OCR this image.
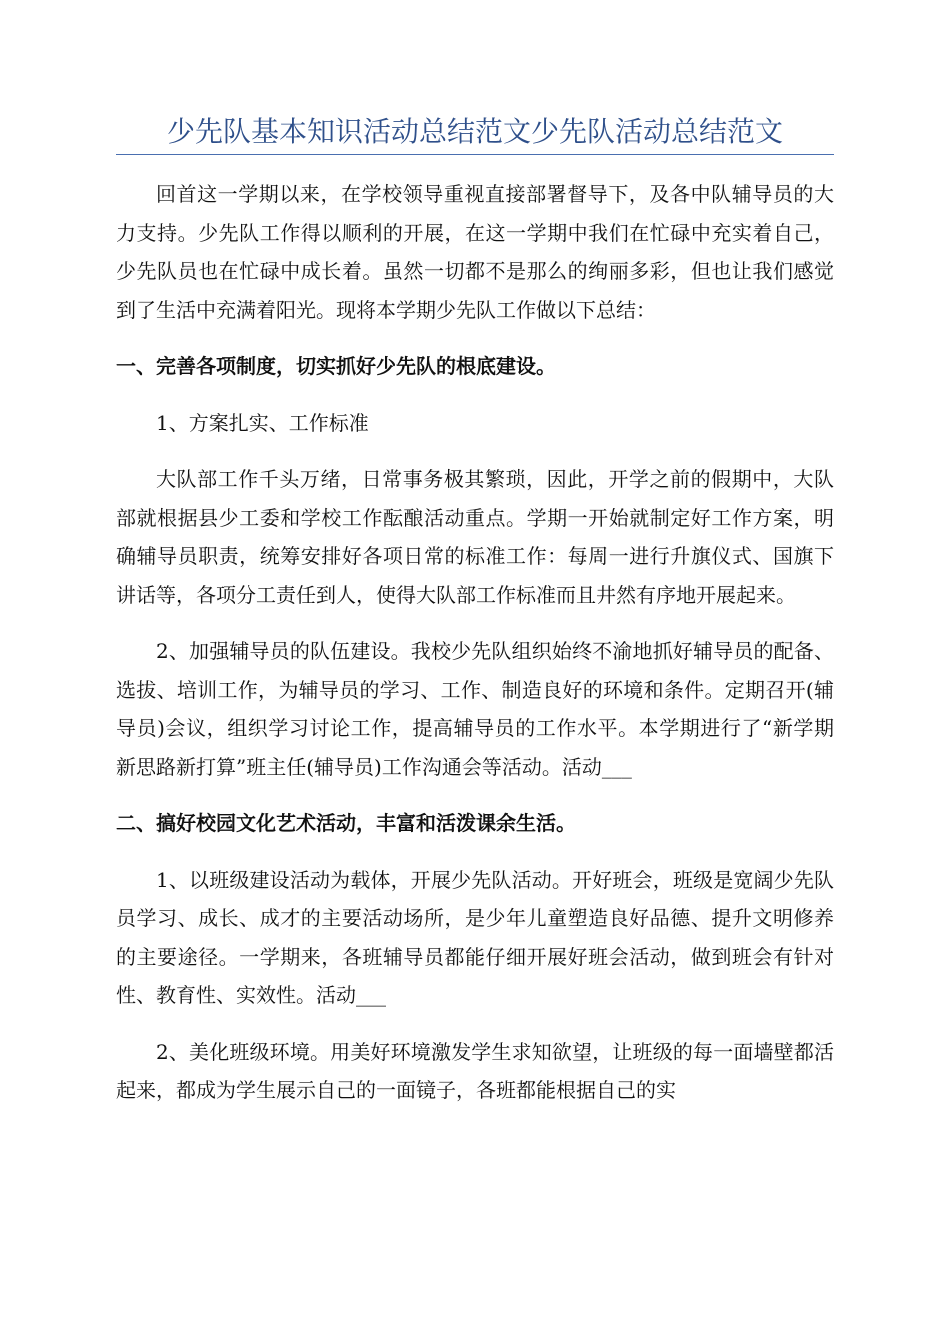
少先队基本知识活动总结范文少先队活动总结范文

回首这一学期以来，在学校领导重视直接部署督导下，及各中队辅导员的大力支持。少先队工作得以顺利的开展，在这一学期中我们在忙碌中充实着自己，少先队员也在忙碌中成长着。虽然一切都不是那么的绚丽多彩，但也让我们感觉到了生活中充满着阳光。现将本学期少先队工作做以下总结：

一、完善各项制度，切实抓好少先队的根底建设。

1、方案扎实、工作标准

大队部工作千头万绪，日常事务极其繁琐，因此，开学之前的假期中，大队部就根据县少工委和学校工作酝酿活动重点。学期一开始就制定好工作方案，明确辅导员职责，统筹安排好各项日常的标准工作：每周一进行升旗仪式、国旗下讲话等，各项分工责任到人，使得大队部工作标准而且井然有序地开展起来。

2、加强辅导员的队伍建设。我校少先队组织始终不渝地抓好辅导员的配备、选拔、培训工作，为辅导员的学习、工作、制造良好的环境和条件。定期召开(辅导员)会议，组织学习讨论工作，提高辅导员的工作水平。本学期进行了“新学期新思路新打算”班主任(辅导员)工作沟通会等活动。活动___

二、搞好校园文化艺术活动，丰富和活泼课余生活。

1、以班级建设活动为载体，开展少先队活动。开好班会，班级是宽阔少先队员学习、成长、成才的主要活动场所，是少年儿童塑造良好品德、提升文明修养的主要途径。一学期来，各班辅导员都能仔细开展好班会活动，做到班会有针对性、教育性、实效性。活动___

2、美化班级环境。用美好环境激发学生求知欲望，让班级的每一面墙壁都活起来，都成为学生展示自己的一面镜子，各班都能根据自己的实
